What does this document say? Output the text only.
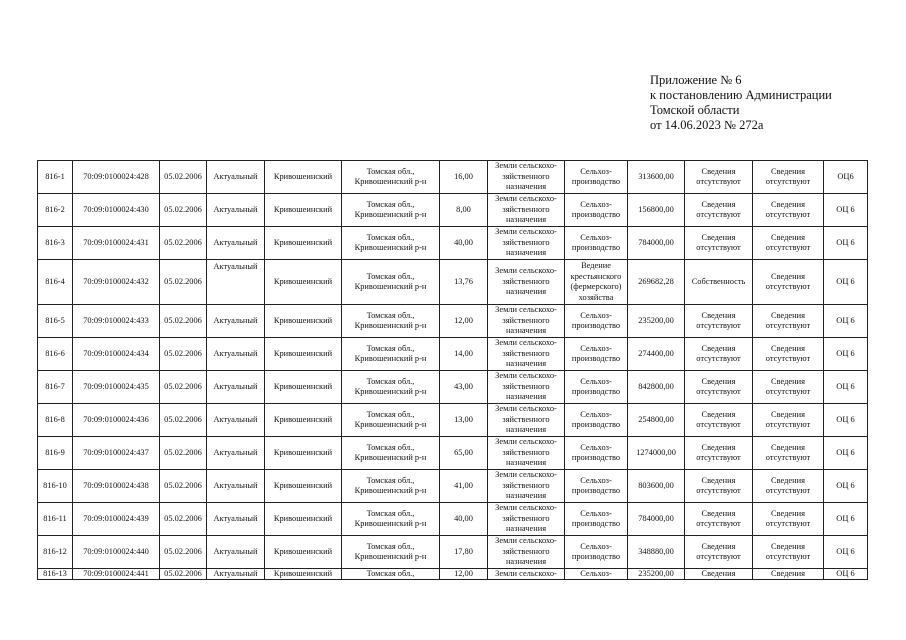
Приложение № 6
к постановлению Администрации
Томской области
от 14.06.2023 № 272а
816-1	70:09:0100024:428	05.02.2006	Актуальный	Кривошеинский	Томская обл., Кривошеинский р-н	16,00	Земли сельскохо-зяйственного назначения	Сельхоз-производство	313600,00	Сведения отсутствуют	Сведения отсутствуют	ОЦ6

816-2	70:09:0100024:430	05.02.2006	Актуальный	Кривошеинский	Томская обл., Кривошеинский р-н	8,00	Земли сельскохо-зяйственного назначения	Сельхоз-производство	156800,00	Сведения отсутствуют	Сведения отсутствуют	ОЦ 6

816-3	70:09:0100024:431	05.02.2006	Актуальный	Кривошеинский	Томская обл., Кривошеинский р-н	40,00	Земли сельскохо-зяйственного назначения	Сельхоз-производство	784000,00	Сведения отсутствуют	Сведения отсутствуют	ОЦ 6

816-4	70:09:0100024:432	05.02.2006	Актуальный	Кривошеинский	Томская обл., Кривошеинский р-н	13,76	Земли сельскохо-зяйственного назначения	Ведение крестьянского (фермерского) хозяйства	269682,28	Собственность	Сведения отсутствуют	ОЦ 6

816-5	70:09:0100024:433	05.02.2006	Актуальный	Кривошеинский	Томская обл., Кривошеинский р-н	12,00	Земли сельскохо-зяйственного назначения	Сельхоз-производство	235200,00	Сведения отсутствуют	Сведения отсутствуют	ОЦ 6

816-6	70:09:0100024:434	05.02.2006	Актуальный	Кривошеинский	Томская обл., Кривошеинский р-н	14,00	Земли сельскохо-зяйственного назначения	Сельхоз-производство	274400,00	Сведения отсутствуют	Сведения отсутствуют	ОЦ 6

816-7	70:09:0100024:435	05.02.2006	Актуальный	Кривошеинский	Томская обл., Кривошеинский р-н	43,00	Земли сельскохо-зяйственного назначения	Сельхоз-производство	842800,00	Сведения отсутствуют	Сведения отсутствуют	ОЦ 6

816-8	70:09:0100024:436	05.02.2006	Актуальный	Кривошеинский	Томская обл., Кривошеинский р-н	13,00	Земли сельскохо-зяйственного назначения	Сельхоз-производство	254800,00	Сведения отсутствуют	Сведения отсутствуют	ОЦ 6

816-9	70:09:0100024:437	05.02.2006	Актуальный	Кривошеинский	Томская обл., Кривошеинский р-н	65,00	Земли сельскохо-зяйственного назначения	Сельхоз-производство	1274000,00	Сведения отсутствуют	Сведения отсутствуют	ОЦ 6

816-10	70:09:0100024:438	05.02.2006	Актуальный	Кривошеинский	Томская обл., Кривошеинский р-н	41,00	Земли сельскохо-зяйственного назначения	Сельхоз-производство	803600,00	Сведения отсутствуют	Сведения отсутствуют	ОЦ 6

816-11	70:09:0100024:439	05.02.2006	Актуальный	Кривошеинский	Томская обл., Кривошеинский р-н	40,00	Земли сельскохо-зяйственного назначения	Сельхоз-производство	784000,00	Сведения отсутствуют	Сведения отсутствуют	ОЦ 6

816-12	70:09:0100024:440	05.02.2006	Актуальный	Кривошеинский	Томская обл., Кривошеинский р-н	17,80	Земли сельскохо-зяйственного назначения	Сельхоз-производство	348880,00	Сведения отсутствуют	Сведения отсутствуют	ОЦ 6

816-13	70:09:0100024:441	05.02.2006	Актуальный	Кривошеинский	Томская обл.,	12,00	Земли сельскохо-	Сельхоз-	235200,00	Сведения	Сведения	ОЦ 6
